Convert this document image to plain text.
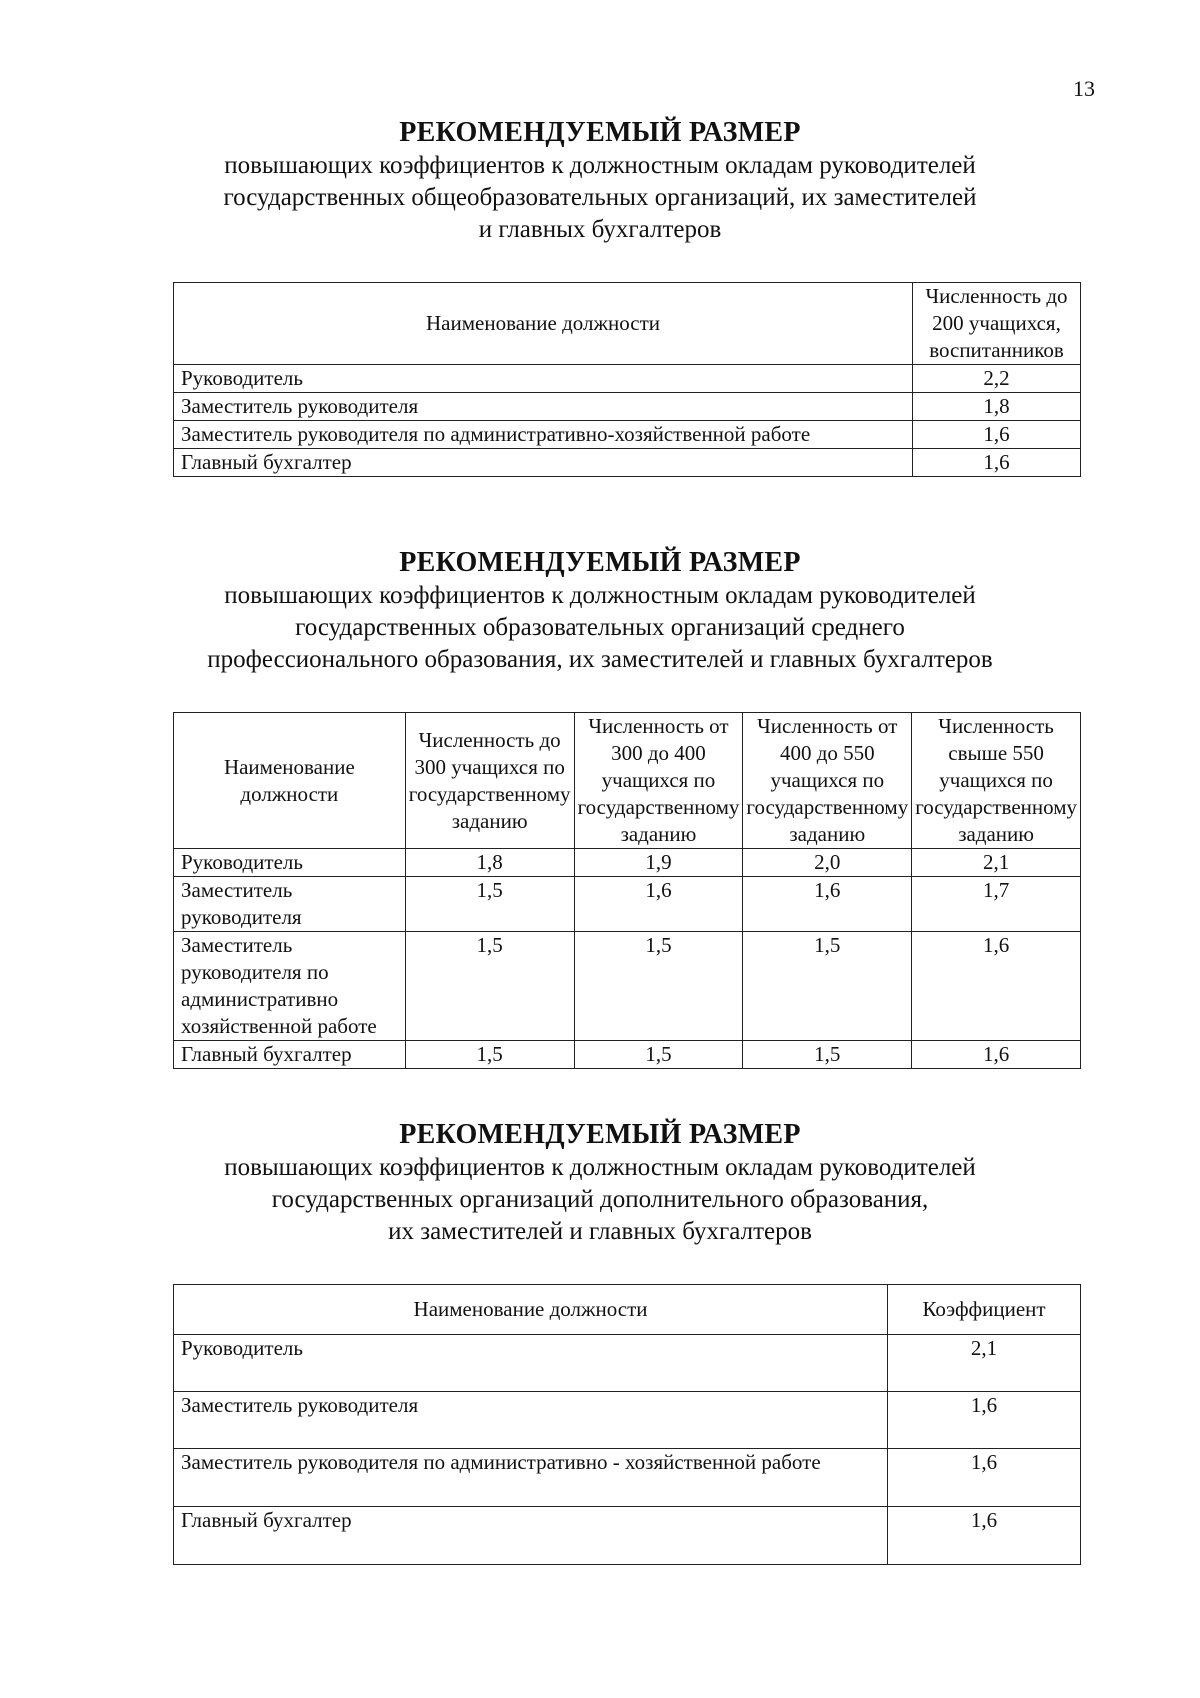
13
РЕКОМЕНДУЕМЫЙ РАЗМЕР
повышающих коэффициентов к должностным окладам руководителей
государственных общеобразовательных организаций, их заместителей
и главных бухгалтеров
Наименование должности	Численность до 200 учащихся, воспитанников
Руководитель	2,2
Заместитель руководителя	1,8
Заместитель руководителя по административно-хозяйственной работе	1,6
Главный бухгалтер	1,6
РЕКОМЕНДУЕМЫЙ РАЗМЕР
повышающих коэффициентов к должностным окладам руководителей
государственных образовательных организаций среднего
профессионального образования, их заместителей и главных бухгалтеров
Наименование должности	Численность до 300 учащихся по государственному заданию	Численность от 300 до 400 учащихся по государственному заданию	Численность от 400 до 550 учащихся по государственному заданию	Численность свыше 550 учащихся по государственному заданию
Руководитель	1,8	1,9	2,0	2,1
Заместитель руководителя	1,5	1,6	1,6	1,7
Заместитель руководителя по административно хозяйственной работе	1,5	1,5	1,5	1,6
Главный бухгалтер	1,5	1,5	1,5	1,6
РЕКОМЕНДУЕМЫЙ РАЗМЕР
повышающих коэффициентов к должностным окладам руководителей
государственных организаций дополнительного образования,
их заместителей и главных бухгалтеров
Наименование должности	Коэффициент
Руководитель	2,1
Заместитель руководителя	1,6
Заместитель руководителя по административно - хозяйственной работе	1,6
Главный бухгалтер	1,6
